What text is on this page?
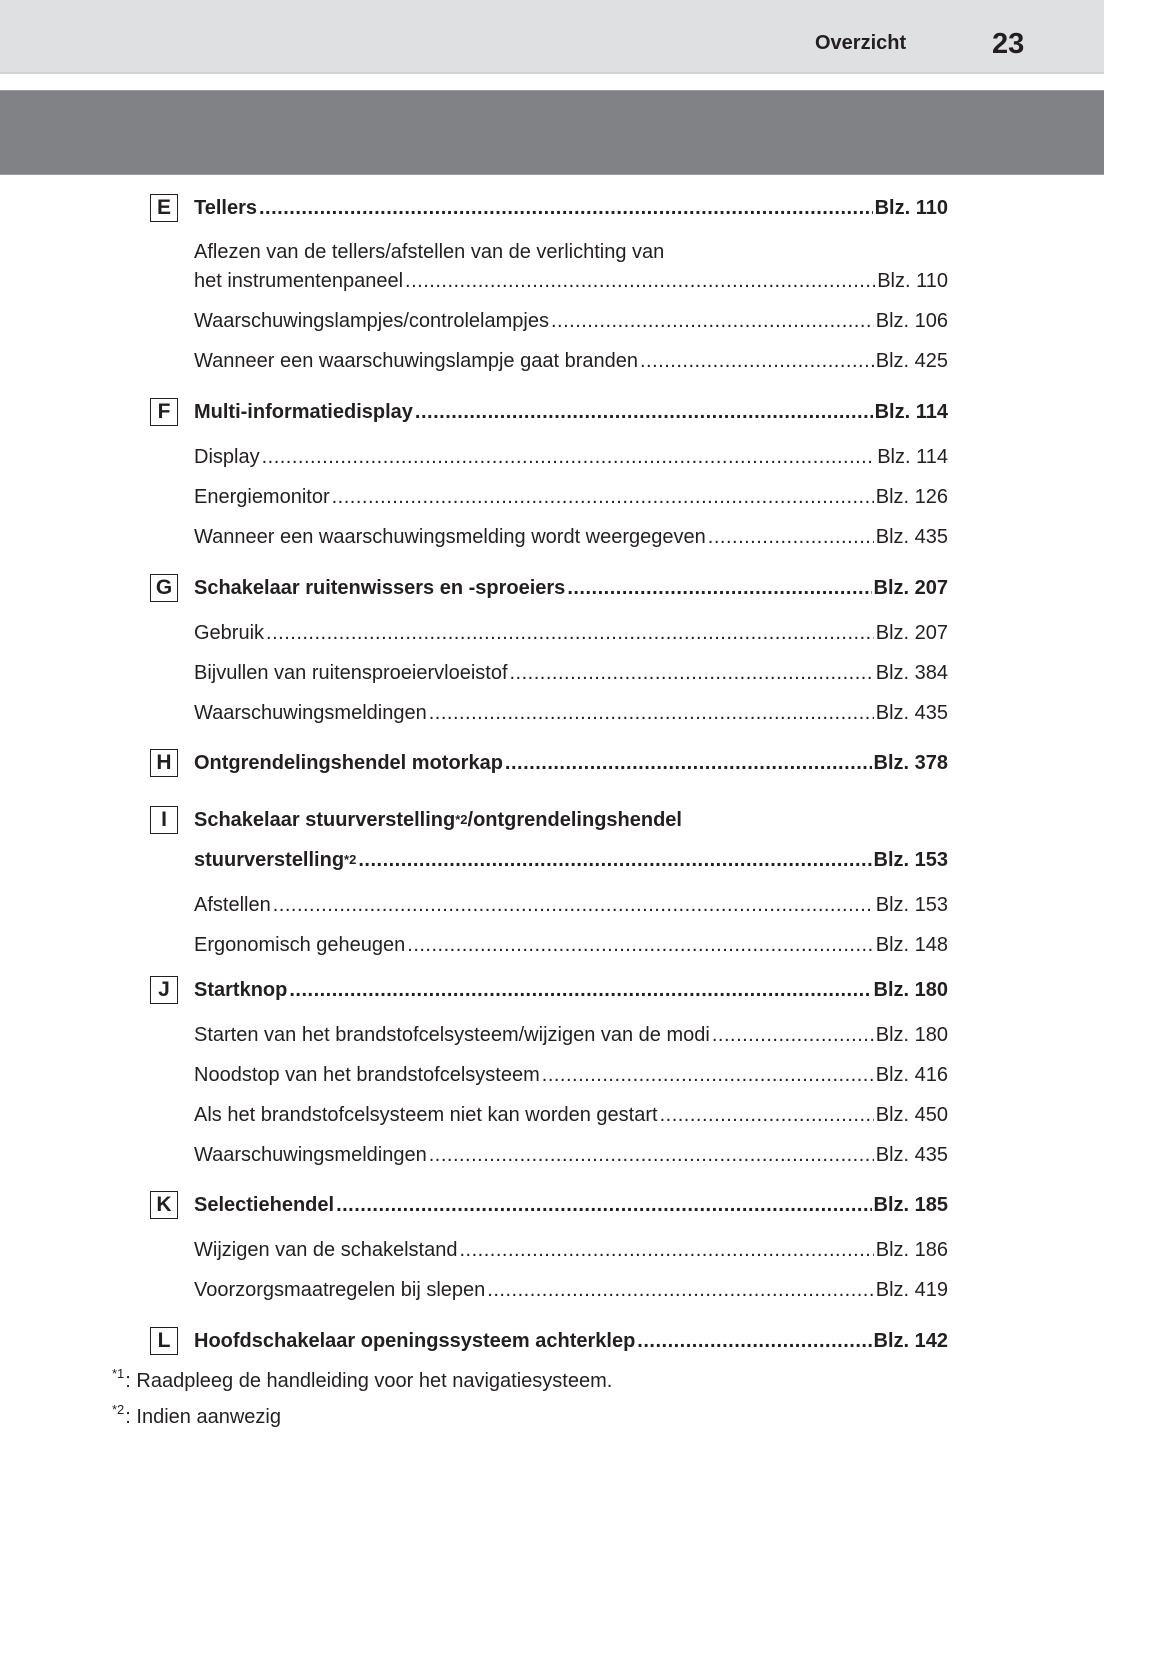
Overzicht	23
E	Tellers .....	Blz. 110
Aflezen van de tellers/afstellen van de verlichting van
het instrumentenpaneel .....	Blz. 110
Waarschuwingslampjes/controlelampjes .....	Blz. 106
Wanneer een waarschuwingslampje gaat branden .....	Blz. 425
F	Multi-informatiedisplay .....	Blz. 114
Display .....	Blz. 114
Energiemonitor .....	Blz. 126
Wanneer een waarschuwingsmelding wordt weergegeven .....	Blz. 435
G Schakelaar ruitenwissers en -sproeiers .....	Blz. 207
Gebruik .....	Blz. 207
Bijvullen van ruitensproeiervloeistof .....	Blz. 384
Waarschuwingsmeldingen .....	Blz. 435
H	Ontgrendelingshendel motorkap .....	Blz. 378
I	Schakelaar stuurverstelling *2 /ontgrendelingshendel
stuurverstelling *2 .....	Blz. 153
Afstellen .....	Blz. 153
Ergonomisch geheugen .....	Blz. 148
J	Startknop .....	Blz. 180
Starten van het brandstofcelsysteem/wijzigen van de modi .....	Blz. 180
Noodstop van het brandstofcelsysteem .....	Blz. 416
Als het brandstofcelsysteem niet kan worden gestart .....	Blz. 450
Waarschuwingsmeldingen .....	Blz. 435
K	Selectiehendel .....	Blz. 185
Wijzigen van de schakelstand .....	Blz. 186
Voorzorgsmaatregelen bij slepen .....	Blz. 419
L	Hoofdschakelaar openingssysteem achterklep .....	Blz. 142
$^{*1}$: Raadpleeg de handleiding voor het navigatiesysteem.
$^{*2}$: Indien aanwezig
